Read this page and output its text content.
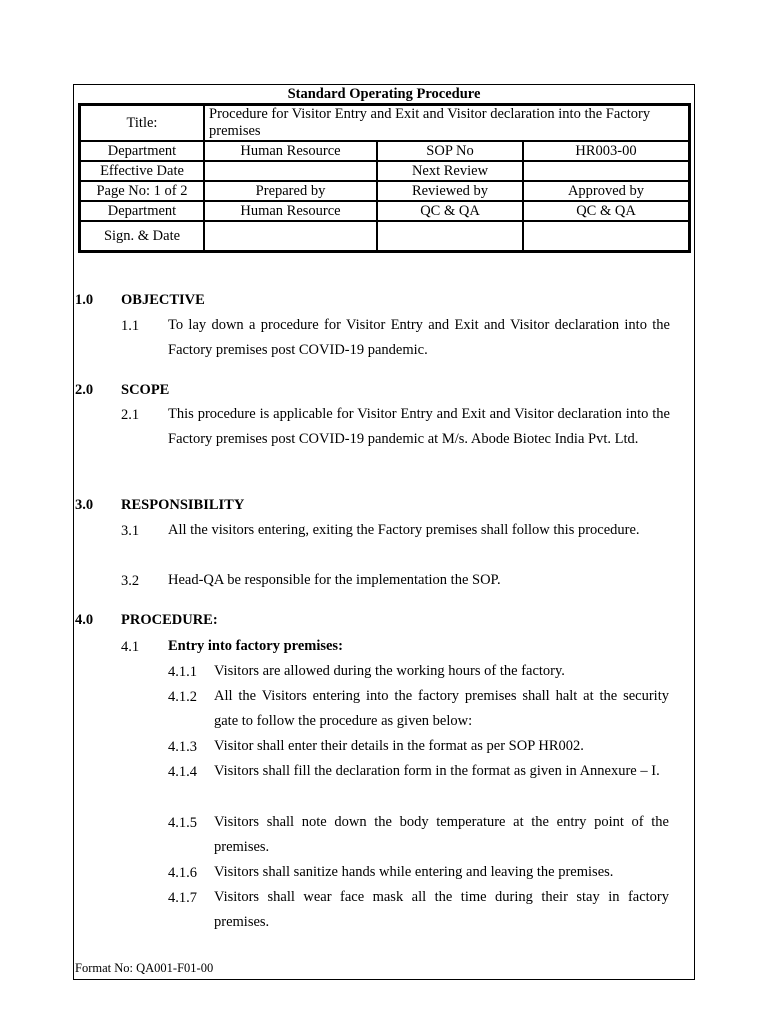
Standard Operating Procedure
Title:	Procedure for Visitor Entry and Exit and Visitor declaration into the Factory premises		
Department	Human Resource	SOP No	HR003-00
Effective Date		Next Review	
Page No: 1 of 2	Prepared by	Reviewed by	Approved by
Department	Human Resource	QC & QA	QC & QA
Sign. & Date			
1.0 OBJECTIVE
1.1 To lay down a procedure for Visitor Entry and Exit and Visitor declaration into the Factory premises post COVID-19 pandemic.
2.0 SCOPE
2.1 This procedure is applicable for Visitor Entry and Exit and Visitor declaration into the Factory premises post COVID-19 pandemic at M/s. Abode Biotec India Pvt. Ltd.
3.0 RESPONSIBILITY
3.1 All the visitors entering, exiting the Factory premises shall follow this procedure.
3.2 Head-QA be responsible for the implementation the SOP.
4.0 PROCEDURE:
4.1 Entry into factory premises:
4.1.1 Visitors are allowed during the working hours of the factory.
4.1.2 All the Visitors entering into the factory premises shall halt at the security gate to follow the procedure as given below:
4.1.3 Visitor shall enter their details in the format as per SOP HR002.
4.1.4 Visitors shall fill the declaration form in the format as given in Annexure – I.
4.1.5 Visitors shall note down the body temperature at the entry point of the premises.
4.1.6 Visitors shall sanitize hands while entering and leaving the premises.
4.1.7 Visitors shall wear face mask all the time during their stay in factory premises.
Format No: QA001-F01-00
